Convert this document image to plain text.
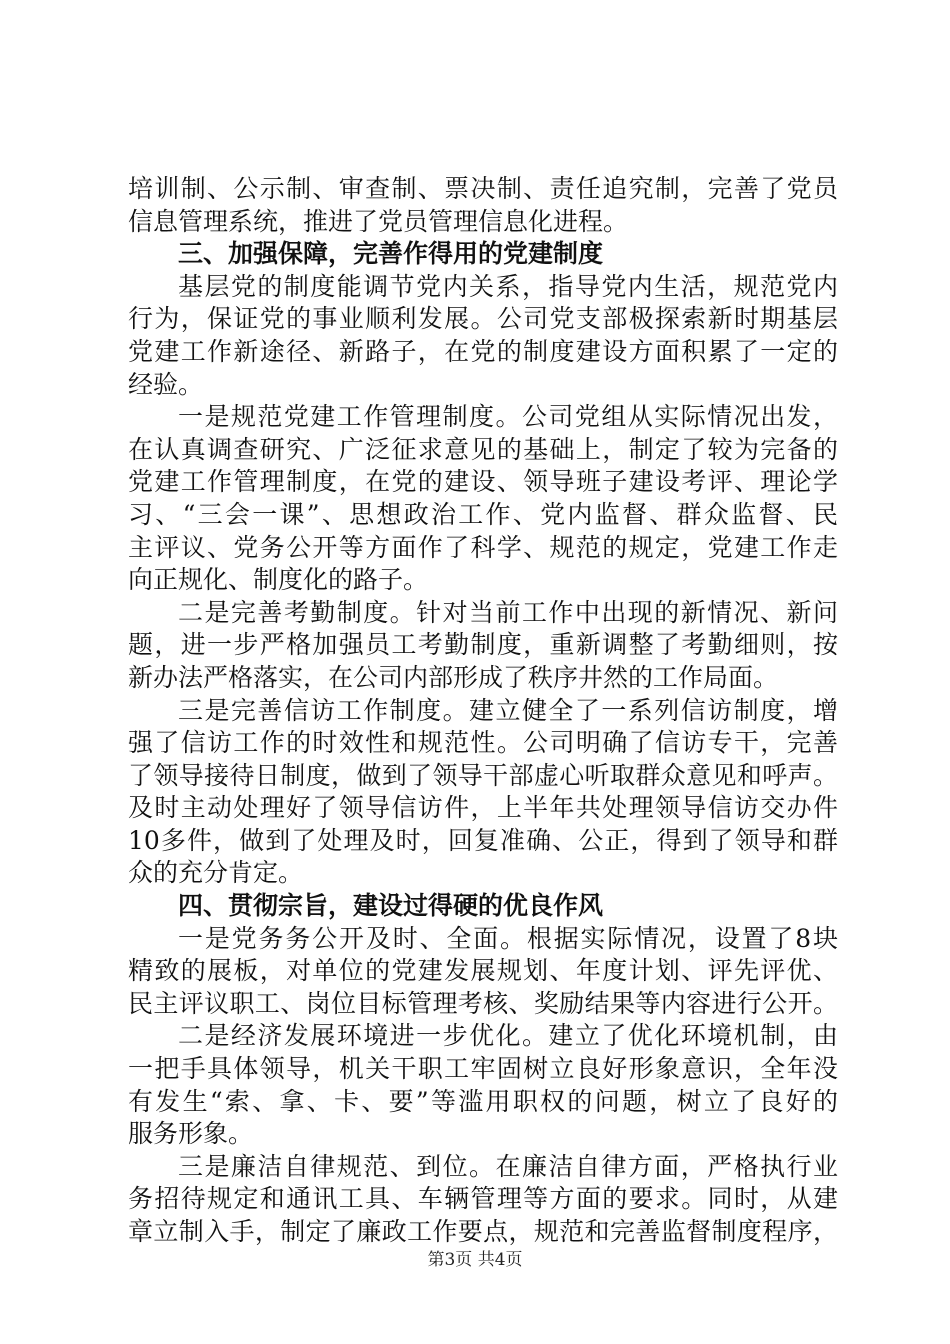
培训制、公示制、审查制、票决制、责任追究制，完善了党员
信息管理系统，推进了党员管理信息化进程。
三、加强保障，完善作得用的党建制度
基层党的制度能调节党内关系，指导党内生活，规范党内
行为，保证党的事业顺利发展。公司党支部极探索新时期基层
党建工作新途径、新路子，在党的制度建设方面积累了一定的
经验。
一是规范党建工作管理制度。公司党组从实际情况出发，
在认真调查研究、广泛征求意见的基础上，制定了较为完备的
党建工作管理制度，在党的建设、领导班子建设考评、理论学
习、“三会一课”、思想政治工作、党内监督、群众监督、民
主评议、党务公开等方面作了科学、规范的规定，党建工作走
向正规化、制度化的路子。
二是完善考勤制度。针对当前工作中出现的新情况、新问
题，进一步严格加强员工考勤制度，重新调整了考勤细则，按
新办法严格落实，在公司内部形成了秩序井然的工作局面。
三是完善信访工作制度。建立健全了一系列信访制度，增
强了信访工作的时效性和规范性。公司明确了信访专干，完善
了领导接待日制度，做到了领导干部虚心听取群众意见和呼声。
及时主动处理好了领导信访件，上半年共处理领导信访交办件
10多件，做到了处理及时，回复准确、公正，得到了领导和群
众的充分肯定。
四、贯彻宗旨，建设过得硬的优良作风
一是党务务公开及时、全面。根据实际情况，设置了8块
精致的展板，对单位的党建发展规划、年度计划、评先评优、
民主评议职工、岗位目标管理考核、奖励结果等内容进行公开。
二是经济发展环境进一步优化。建立了优化环境机制，由
一把手具体领导，机关干职工牢固树立良好形象意识，全年没
有发生“索、拿、卡、要”等滥用职权的问题，树立了良好的
服务形象。
三是廉洁自律规范、到位。在廉洁自律方面，严格执行业
务招待规定和通讯工具、车辆管理等方面的要求。同时，从建
章立制入手，制定了廉政工作要点，规范和完善监督制度程序，
第3页 共4页
